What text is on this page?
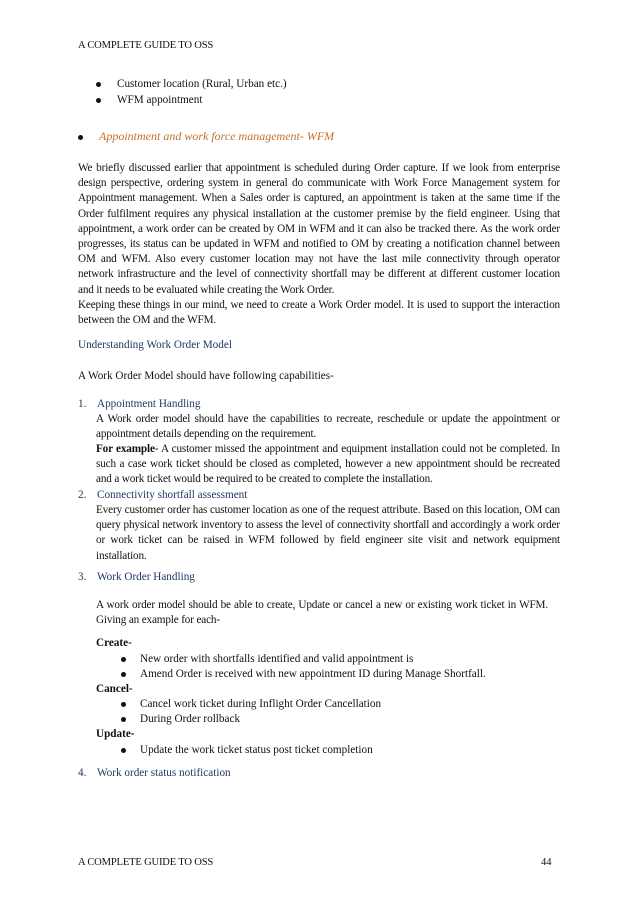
A COMPLETE GUIDE TO OSS
Customer location (Rural, Urban etc.)
WFM appointment
Appointment and work force management- WFM

We briefly discussed earlier that appointment is scheduled during Order capture. If we look from enterprise design perspective, ordering system in general do communicate with Work Force Management system for Appointment management. When a Sales order is captured, an appointment is taken at the same time if the Order fulfilment requires any physical installation at the customer premise by the field engineer. Using that appointment, a work order can be created by OM in WFM and it can also be tracked there. As the work order progresses, its status can be updated in WFM and notified to OM by creating a notification channel between OM and WFM. Also every customer location may not have the last mile connectivity through operator network infrastructure and the level of connectivity shortfall may be different at different customer location and it needs to be evaluated while creating the Work Order.

Keeping these things in our mind, we need to create a Work Order model. It is used to support the interaction between the OM and the WFM.

Understanding Work Order Model
A Work Order Model should have following capabilities-
1. Appointment Handling

A Work order model should have the capabilities to recreate, reschedule or update the appointment or appointment details depending on the requirement.

For example- A customer missed the appointment and equipment installation could not be completed. In such a case work ticket should be closed as completed, however a new appointment should be recreated and a work ticket would be required to be created to complete the installation.

2. Connectivity shortfall assessment

Every customer order has customer location as one of the request attribute. Based on this location, OM can query physical network inventory to assess the level of connectivity shortfall and accordingly a work order or work ticket can be raised in WFM followed by field engineer site visit and network equipment installation.

3. Work Order Handling

A work order model should be able to create, Update or cancel a new or existing work ticket in WFM. Giving an example for each-

Create-
New order with shortfalls identified and valid appointment is
Amend Order is received with new appointment ID during Manage Shortfall.
Cancel-
Cancel work ticket during Inflight Order Cancellation
During Order rollback
Update-
Update the work ticket status post ticket completion
4. Work order status notification
A COMPLETE GUIDE TO OSS	44
